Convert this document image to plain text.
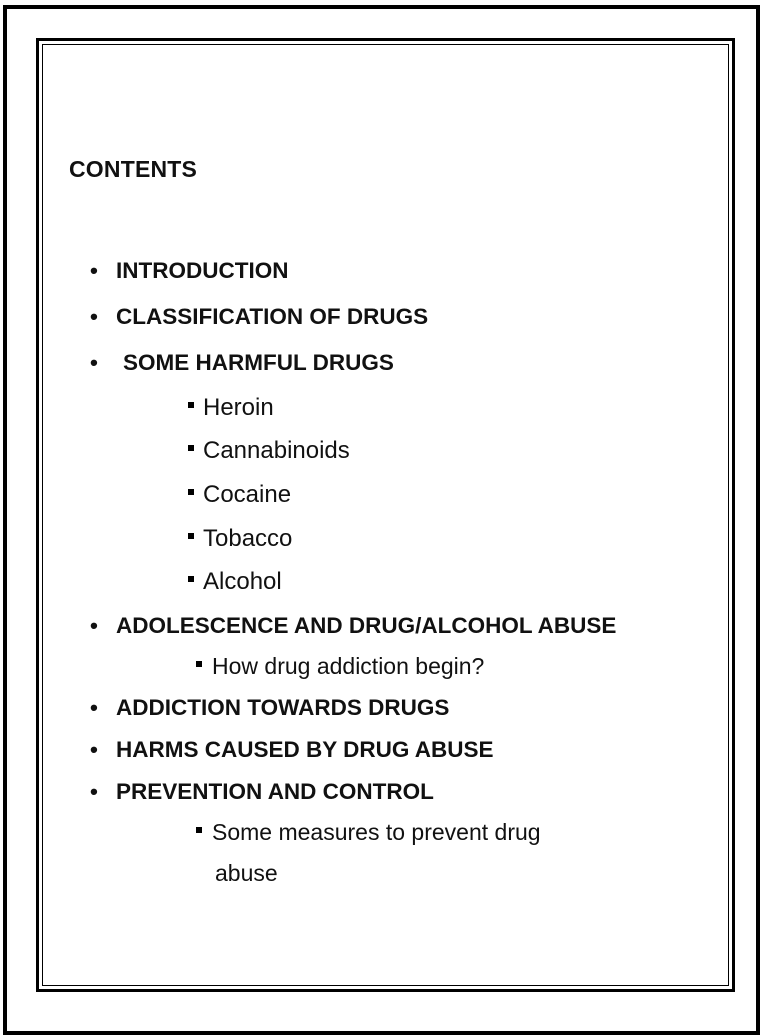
CONTENTS
• INTRODUCTION
• CLASSIFICATION OF DRUGS
• SOME HARMFUL DRUGS
Heroin
Cannabinoids
Cocaine
Tobacco
Alcohol
• ADOLESCENCE AND DRUG/ALCOHOL ABUSE
How drug addiction begin?
• ADDICTION TOWARDS DRUGS
• HARMS CAUSED BY DRUG ABUSE
• PREVENTION AND CONTROL
Some measures to prevent drug
abuse
